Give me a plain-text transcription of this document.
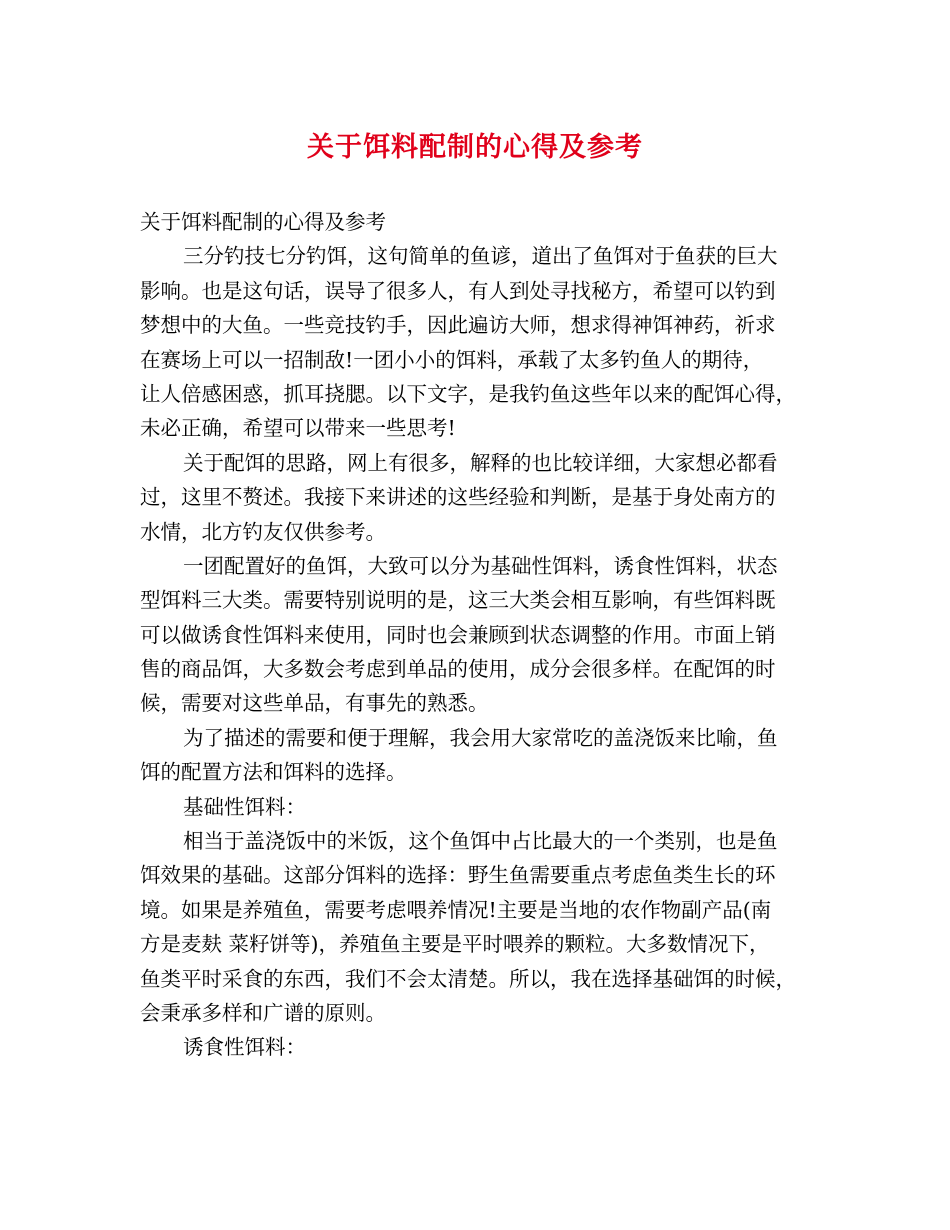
关于饵料配制的心得及参考
关于饵料配制的心得及参考
三分钓技七分钓饵，这句简单的鱼谚，道出了鱼饵对于鱼获的巨大
影响。也是这句话，误导了很多人，有人到处寻找秘方，希望可以钓到
梦想中的大鱼。一些竞技钓手，因此遍访大师，想求得神饵神药，祈求
在赛场上可以一招制敌!一团小小的饵料，承载了太多钓鱼人的期待，
让人倍感困惑，抓耳挠腮。以下文字，是我钓鱼这些年以来的配饵心得，
未必正确，希望可以带来一些思考!
关于配饵的思路，网上有很多，解释的也比较详细，大家想必都看
过，这里不赘述。我接下来讲述的这些经验和判断，是基于身处南方的
水情，北方钓友仅供参考。
一团配置好的鱼饵，大致可以分为基础性饵料，诱食性饵料，状态
型饵料三大类。需要特别说明的是，这三大类会相互影响，有些饵料既
可以做诱食性饵料来使用，同时也会兼顾到状态调整的作用。市面上销
售的商品饵，大多数会考虑到单品的使用，成分会很多样。在配饵的时
候，需要对这些单品，有事先的熟悉。
为了描述的需要和便于理解，我会用大家常吃的盖浇饭来比喻，鱼
饵的配置方法和饵料的选择。
基础性饵料：
相当于盖浇饭中的米饭，这个鱼饵中占比最大的一个类别，也是鱼
饵效果的基础。这部分饵料的选择：野生鱼需要重点考虑鱼类生长的环
境。如果是养殖鱼，需要考虑喂养情况!主要是当地的农作物副产品(南
方是麦麸 菜籽饼等)，养殖鱼主要是平时喂养的颗粒。大多数情况下，
鱼类平时采食的东西，我们不会太清楚。所以，我在选择基础饵的时候，
会秉承多样和广谱的原则。
诱食性饵料：
